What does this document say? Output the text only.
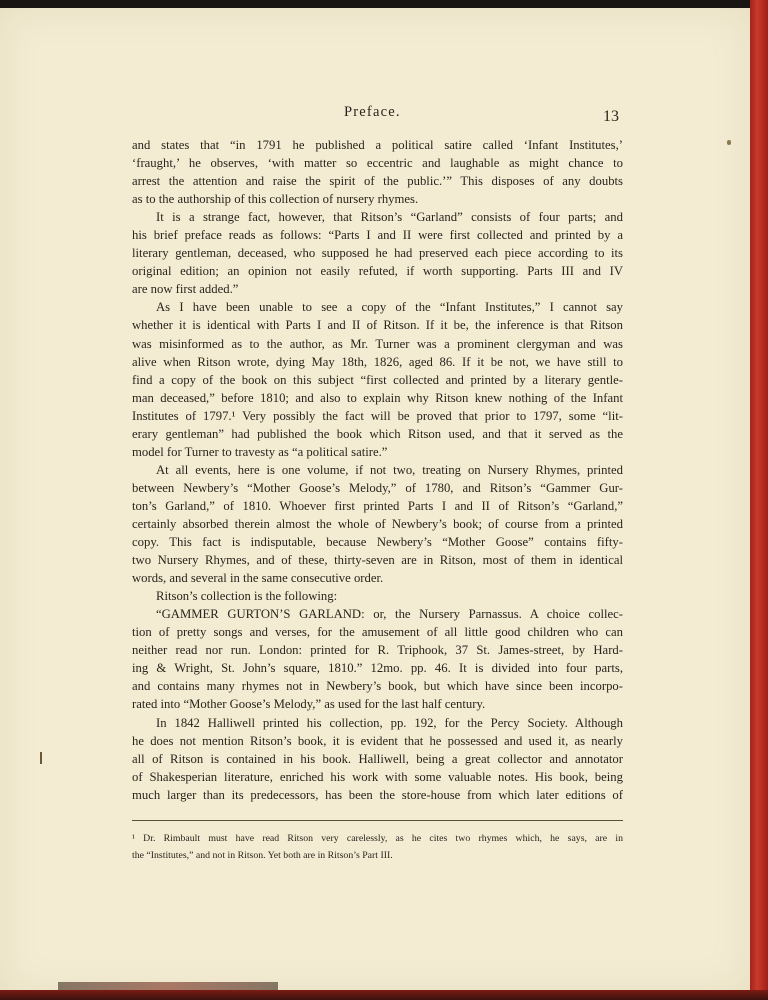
Preface.	13
and states that “in 1791 he published a political satire called ‘Infant Institutes,’
‘fraught,’ he observes, ‘with matter so eccentric and laughable as might chance to
arrest the attention and raise the spirit of the public.’” This disposes of any doubts
as to the authorship of this collection of nursery rhymes.
It is a strange fact, however, that Ritson’s “Garland” consists of four parts; and
his brief preface reads as follows: “Parts I and II were first collected and printed by a
literary gentleman, deceased, who supposed he had preserved each piece according to its
original edition; an opinion not easily refuted, if worth supporting. Parts III and IV
are now first added.”
As I have been unable to see a copy of the “Infant Institutes,” I cannot say
whether it is identical with Parts I and II of Ritson. If it be, the inference is that Ritson
was misinformed as to the author, as Mr. Turner was a prominent clergyman and was
alive when Ritson wrote, dying May 18th, 1826, aged 86. If it be not, we have still to
find a copy of the book on this subject “first collected and printed by a literary gentle-
man deceased,” before 1810; and also to explain why Ritson knew nothing of the Infant
Institutes of 1797.¹ Very possibly the fact will be proved that prior to 1797, some “lit-
erary gentleman” had published the book which Ritson used, and that it served as the
model for Turner to travesty as “a political satire.”
At all events, here is one volume, if not two, treating on Nursery Rhymes, printed
between Newbery’s “Mother Goose’s Melody,” of 1780, and Ritson’s “Gammer Gur-
ton’s Garland,” of 1810. Whoever first printed Parts I and II of Ritson’s “Garland,”
certainly absorbed therein almost the whole of Newbery’s book; of course from a printed
copy. This fact is indisputable, because Newbery’s “Mother Goose” contains fifty-
two Nursery Rhymes, and of these, thirty-seven are in Ritson, most of them in identical
words, and several in the same consecutive order.
Ritson’s collection is the following:
“GAMMER GURTON’S GARLAND: or, the Nursery Parnassus. A choice collec-
tion of pretty songs and verses, for the amusement of all little good children who can
neither read nor run. London: printed for R. Triphook, 37 St. James-street, by Hard-
ing & Wright, St. John’s square, 1810.” 12mo. pp. 46. It is divided into four parts,
and contains many rhymes not in Newbery’s book, but which have since been incorpo-
rated into “Mother Goose’s Melody,” as used for the last half century.
In 1842 Halliwell printed his collection, pp. 192, for the Percy Society. Although
he does not mention Ritson’s book, it is evident that he possessed and used it, as nearly
all of Ritson is contained in his book. Halliwell, being a great collector and annotator
of Shakesperian literature, enriched his work with some valuable notes. His book, being
much larger than its predecessors, has been the store-house from which later editions of
¹ Dr. Rimbault must have read Ritson very carelessly, as he cites two rhymes which, he says, are in
the “Institutes,” and not in Ritson. Yet both are in Ritson’s Part III.
